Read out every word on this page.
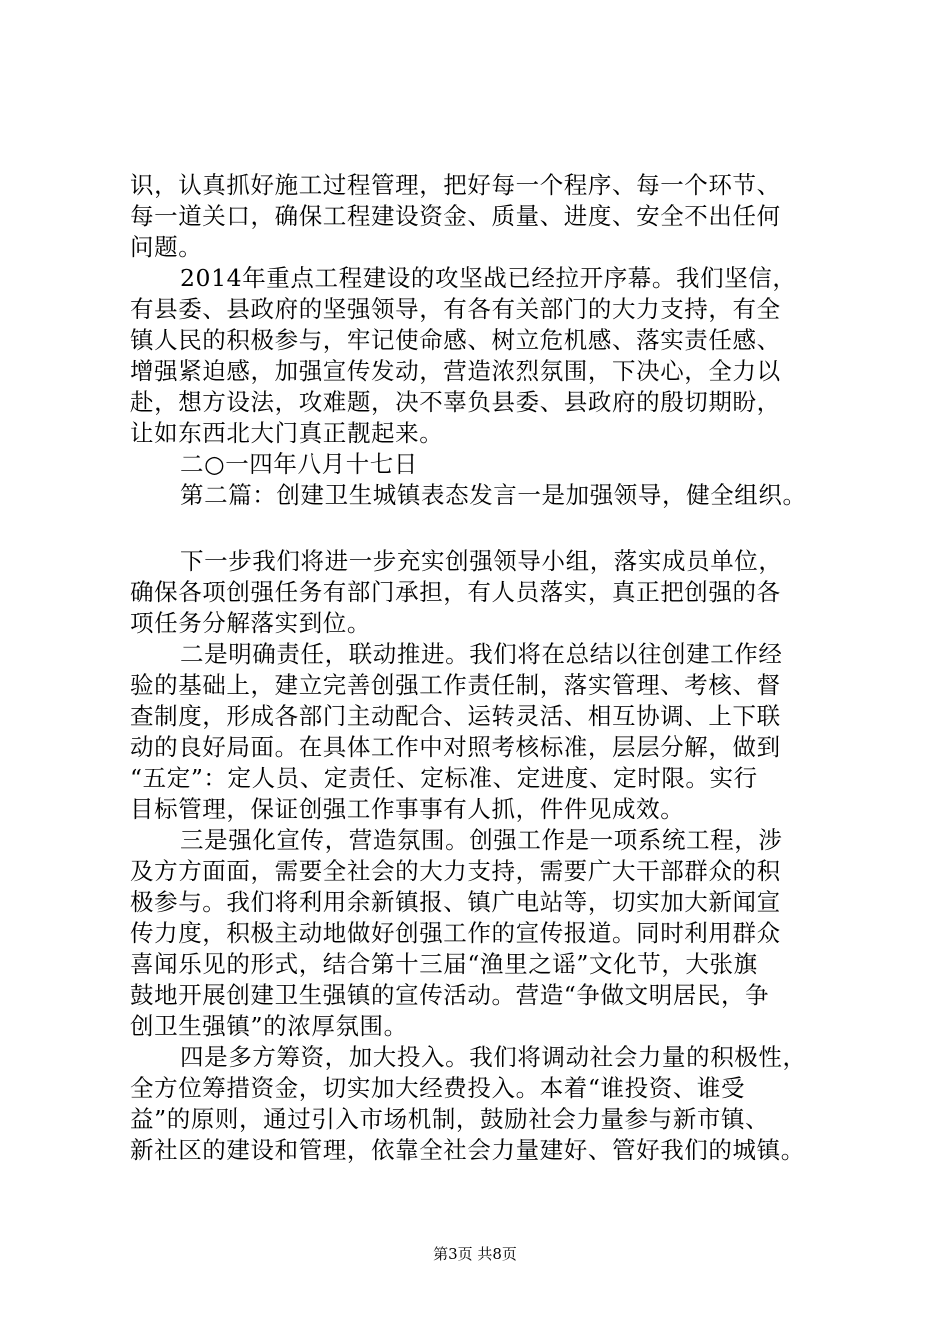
识，认真抓好施工过程管理，把好每一个程序、每一个环节、
每一道关口，确保工程建设资金、质量、进度、安全不出任何
问题。
2014年重点工程建设的攻坚战已经拉开序幕。我们坚信，
有县委、县政府的坚强领导，有各有关部门的大力支持，有全
镇人民的积极参与，牢记使命感、树立危机感、落实责任感、
增强紧迫感，加强宣传发动，营造浓烈氛围，下决心，全力以
赴，想方设法，攻难题，决不辜负县委、县政府的殷切期盼，
让如东西北大门真正靓起来。
二○一四年八月十七日
第二篇：创建卫生城镇表态发言一是加强领导，健全组织。
下一步我们将进一步充实创强领导小组，落实成员单位，
确保各项创强任务有部门承担，有人员落实，真正把创强的各
项任务分解落实到位。
二是明确责任，联动推进。我们将在总结以往创建工作经
验的基础上，建立完善创强工作责任制，落实管理、考核、督
查制度，形成各部门主动配合、运转灵活、相互协调、上下联
动的良好局面。在具体工作中对照考核标准，层层分解，做到
“五定”：定人员、定责任、定标准、定进度、定时限。实行
目标管理，保证创强工作事事有人抓，件件见成效。
三是强化宣传，营造氛围。创强工作是一项系统工程，涉
及方方面面，需要全社会的大力支持，需要广大干部群众的积
极参与。我们将利用余新镇报、镇广电站等，切实加大新闻宣
传力度，积极主动地做好创强工作的宣传报道。同时利用群众
喜闻乐见的形式，结合第十三届“渔里之谣”文化节，大张旗
鼓地开展创建卫生强镇的宣传活动。营造“争做文明居民，争
创卫生强镇”的浓厚氛围。
四是多方筹资，加大投入。我们将调动社会力量的积极性，
全方位筹措资金，切实加大经费投入。本着“谁投资、谁受
益”的原则，通过引入市场机制，鼓励社会力量参与新市镇、
新社区的建设和管理，依靠全社会力量建好、管好我们的城镇。
第3页 共8页
